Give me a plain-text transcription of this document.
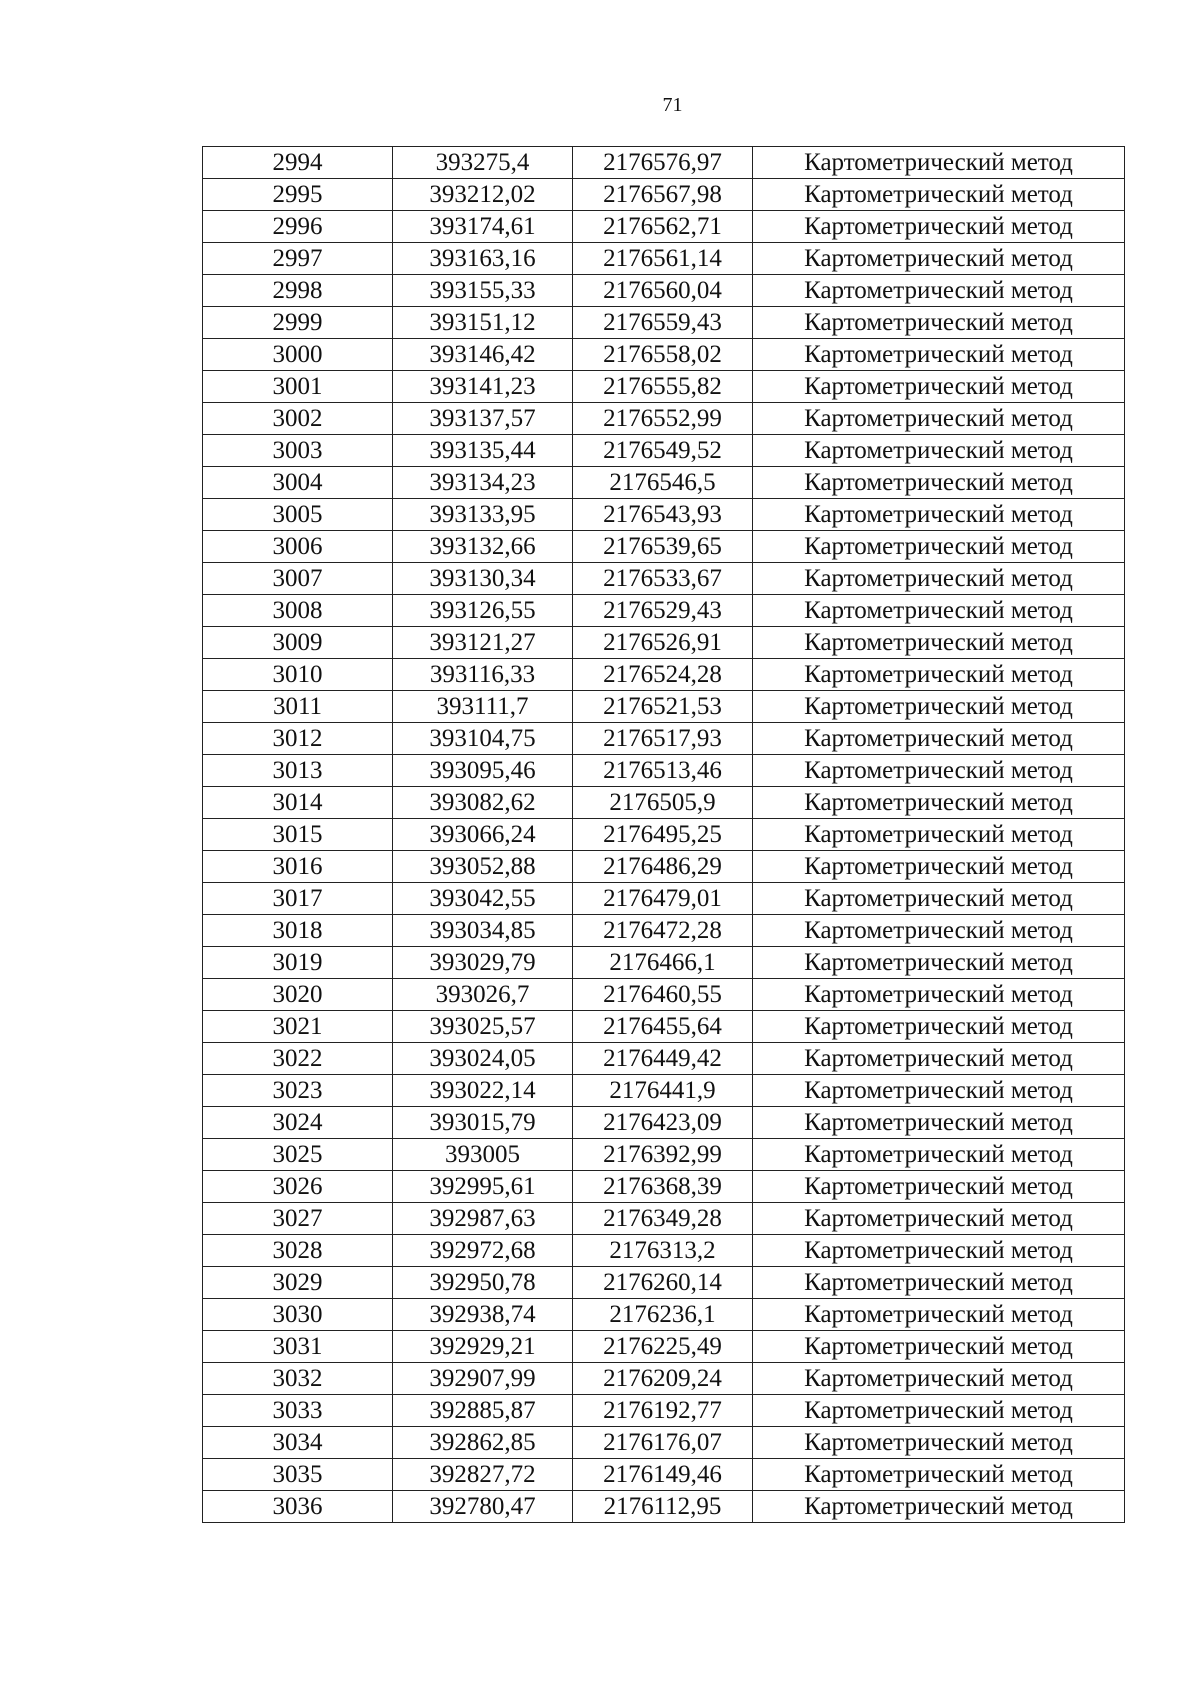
71
2994	393275,4	2176576,97	Картометрический метод
2995	393212,02	2176567,98	Картометрический метод
2996	393174,61	2176562,71	Картометрический метод
2997	393163,16	2176561,14	Картометрический метод
2998	393155,33	2176560,04	Картометрический метод
2999	393151,12	2176559,43	Картометрический метод
3000	393146,42	2176558,02	Картометрический метод
3001	393141,23	2176555,82	Картометрический метод
3002	393137,57	2176552,99	Картометрический метод
3003	393135,44	2176549,52	Картометрический метод
3004	393134,23	2176546,5	Картометрический метод
3005	393133,95	2176543,93	Картометрический метод
3006	393132,66	2176539,65	Картометрический метод
3007	393130,34	2176533,67	Картометрический метод
3008	393126,55	2176529,43	Картометрический метод
3009	393121,27	2176526,91	Картометрический метод
3010	393116,33	2176524,28	Картометрический метод
3011	393111,7	2176521,53	Картометрический метод
3012	393104,75	2176517,93	Картометрический метод
3013	393095,46	2176513,46	Картометрический метод
3014	393082,62	2176505,9	Картометрический метод
3015	393066,24	2176495,25	Картометрический метод
3016	393052,88	2176486,29	Картометрический метод
3017	393042,55	2176479,01	Картометрический метод
3018	393034,85	2176472,28	Картометрический метод
3019	393029,79	2176466,1	Картометрический метод
3020	393026,7	2176460,55	Картометрический метод
3021	393025,57	2176455,64	Картометрический метод
3022	393024,05	2176449,42	Картометрический метод
3023	393022,14	2176441,9	Картометрический метод
3024	393015,79	2176423,09	Картометрический метод
3025	393005	2176392,99	Картометрический метод
3026	392995,61	2176368,39	Картометрический метод
3027	392987,63	2176349,28	Картометрический метод
3028	392972,68	2176313,2	Картометрический метод
3029	392950,78	2176260,14	Картометрический метод
3030	392938,74	2176236,1	Картометрический метод
3031	392929,21	2176225,49	Картометрический метод
3032	392907,99	2176209,24	Картометрический метод
3033	392885,87	2176192,77	Картометрический метод
3034	392862,85	2176176,07	Картометрический метод
3035	392827,72	2176149,46	Картометрический метод
3036	392780,47	2176112,95	Картометрический метод
